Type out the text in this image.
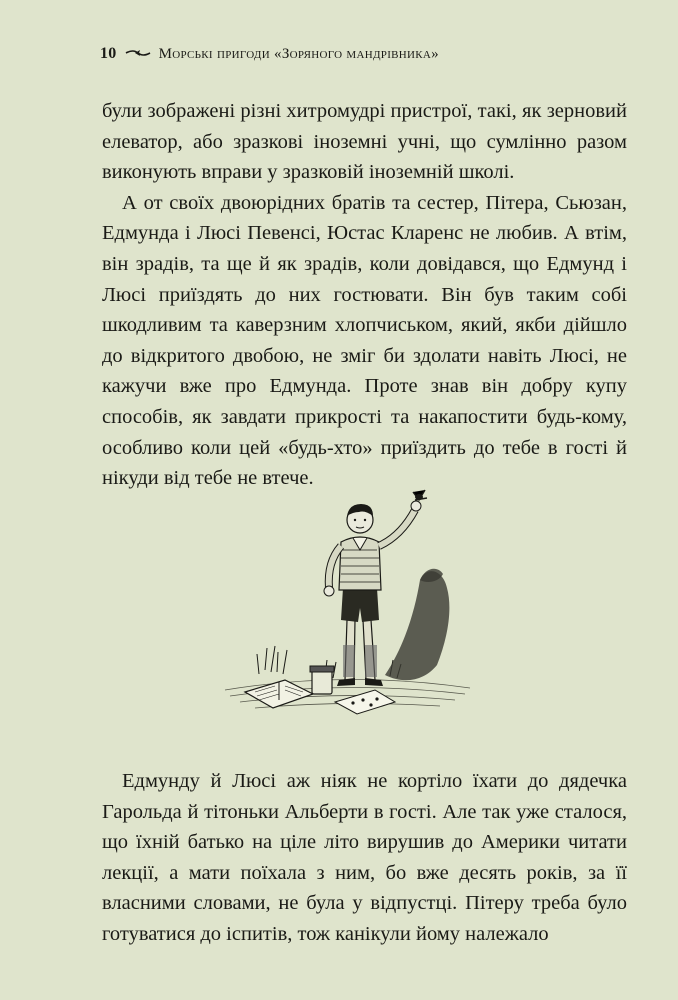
10	Морські пригоди «Зоряного мандрівника»

були зображені різні хитромудрі пристрої, такі, як зерновий елеватор, або зразкові іноземні учні, що сумлінно разом виконують вправи у зразковій іноземній школі.

А от своїх двоюрідних братів та сестер, Пітера, Сьюзан, Едмунда і Люсі Певенсі, Юстас Кларенс не любив. А втім, він зрадів, та ще й як зрадів, коли довідався, що Едмунд і Люсі приїздять до них гостювати. Він був таким собі шкодливим та каверзним хлопчиськом, який, якби дійшло до відкритого двобою, не зміг би здолати навіть Люсі, не кажучи вже про Едмунда. Проте знав він добру купу способів, як завдати прикрості та накапостити будь-кому, особливо коли цей «будь-хто» приїздить до тебе в гості й нікуди від тебе не втече.

Едмунду й Люсі аж ніяк не кортіло їхати до дядечка Гарольда й тітоньки Альберти в гості. Але так уже сталося, що їхній батько на ціле літо вирушив до Америки читати лекції, а мати поїхала з ним, бо вже десять років, за її власними словами, не була у відпустці. Пітеру треба було готуватися до іспитів, тож канікули йому належало
